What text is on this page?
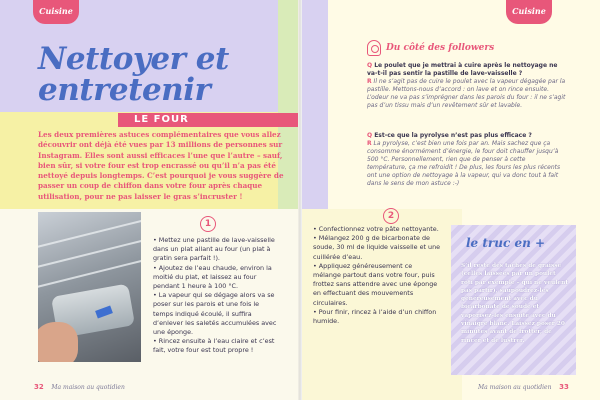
Cuisine
Nettoyer et entretenir
LE FOUR
Les deux premières astuces complémentaires que vous allez découvrir ont déjà été vues par 13 millions de personnes sur Instagram. Elles sont aussi efficaces l’une que l’autre – sauf, bien sûr, si votre four est trop encrassé ou qu’il n’a pas été nettoyé depuis longtemps. C’est pourquoi je vous suggère de passer un coup de chiffon dans votre four après chaque utilisation, pour ne pas laisser le gras s’incruster !
1

• Mettez une pastille de lave-vaisselle dans un plat allant au four (un plat à gratin sera parfait !).

• Ajoutez de l’eau chaude, environ la moitié du plat, et laissez au four pendant 1 heure à 100 °C.

• La vapeur qui se dégage alors va se poser sur les parois et une fois le temps indiqué écoulé, il suffira d’enlever les saletés accumulées avec une éponge.

• Rincez ensuite à l’eau claire et c’est fait, votre four est tout propre !

32 Ma maison au quotidien
Cuisine
Du côté des followers
Q Le poulet que je mettrai à cuire après le nettoyage ne va-t-il pas sentir la pastille de lave-vaisselle ?
R Il ne s’agit pas de cuire le poulet avec la vapeur dégagée par la pastille. Mettons-nous d’accord : on lave et on rince ensuite. L’odeur ne va pas s’imprégner dans les parois du four : il ne s’agit pas d’un tissu mais d’un revêtement sûr et lavable.
Q Est-ce que la pyrolyse n’est pas plus efficace ?
R La pyrolyse, c’est bien une fois par an. Mais sachez que ça consomme énormément d’énergie, le four doit chauffer jusqu’à 500 °C. Personnellement, rien que de penser à cette température, ça me refroidit ! De plus, les fours les plus récents ont une option de nettoyage à la vapeur, qui va donc tout à fait dans le sens de mon astuce :-)
2

• Confectionnez votre pâte nettoyante.

• Mélangez 200 g de bicarbonate de soude, 30 ml de liquide vaisselle et une cuillérée d’eau.

• Appliquez généreusement ce mélange partout dans votre four, puis frottez sans attendre avec une éponge en effectuant des mouvements circulaires.

• Pour finir, rincez à l’aide d’un chiffon humide.

le truc en +
S’il reste des taches de graisse (celles laissées par un poulet rôti par exemple – qui ne veulent pas partir), saupoudrez-les généreusement avec du bicarbonate de soude et vaporisez-les ensuite avec du vinaigre blanc. Laissez poser 20 minutes avant de frotter, de rincer et de lustrer.
Ma maison au quotidien 33
